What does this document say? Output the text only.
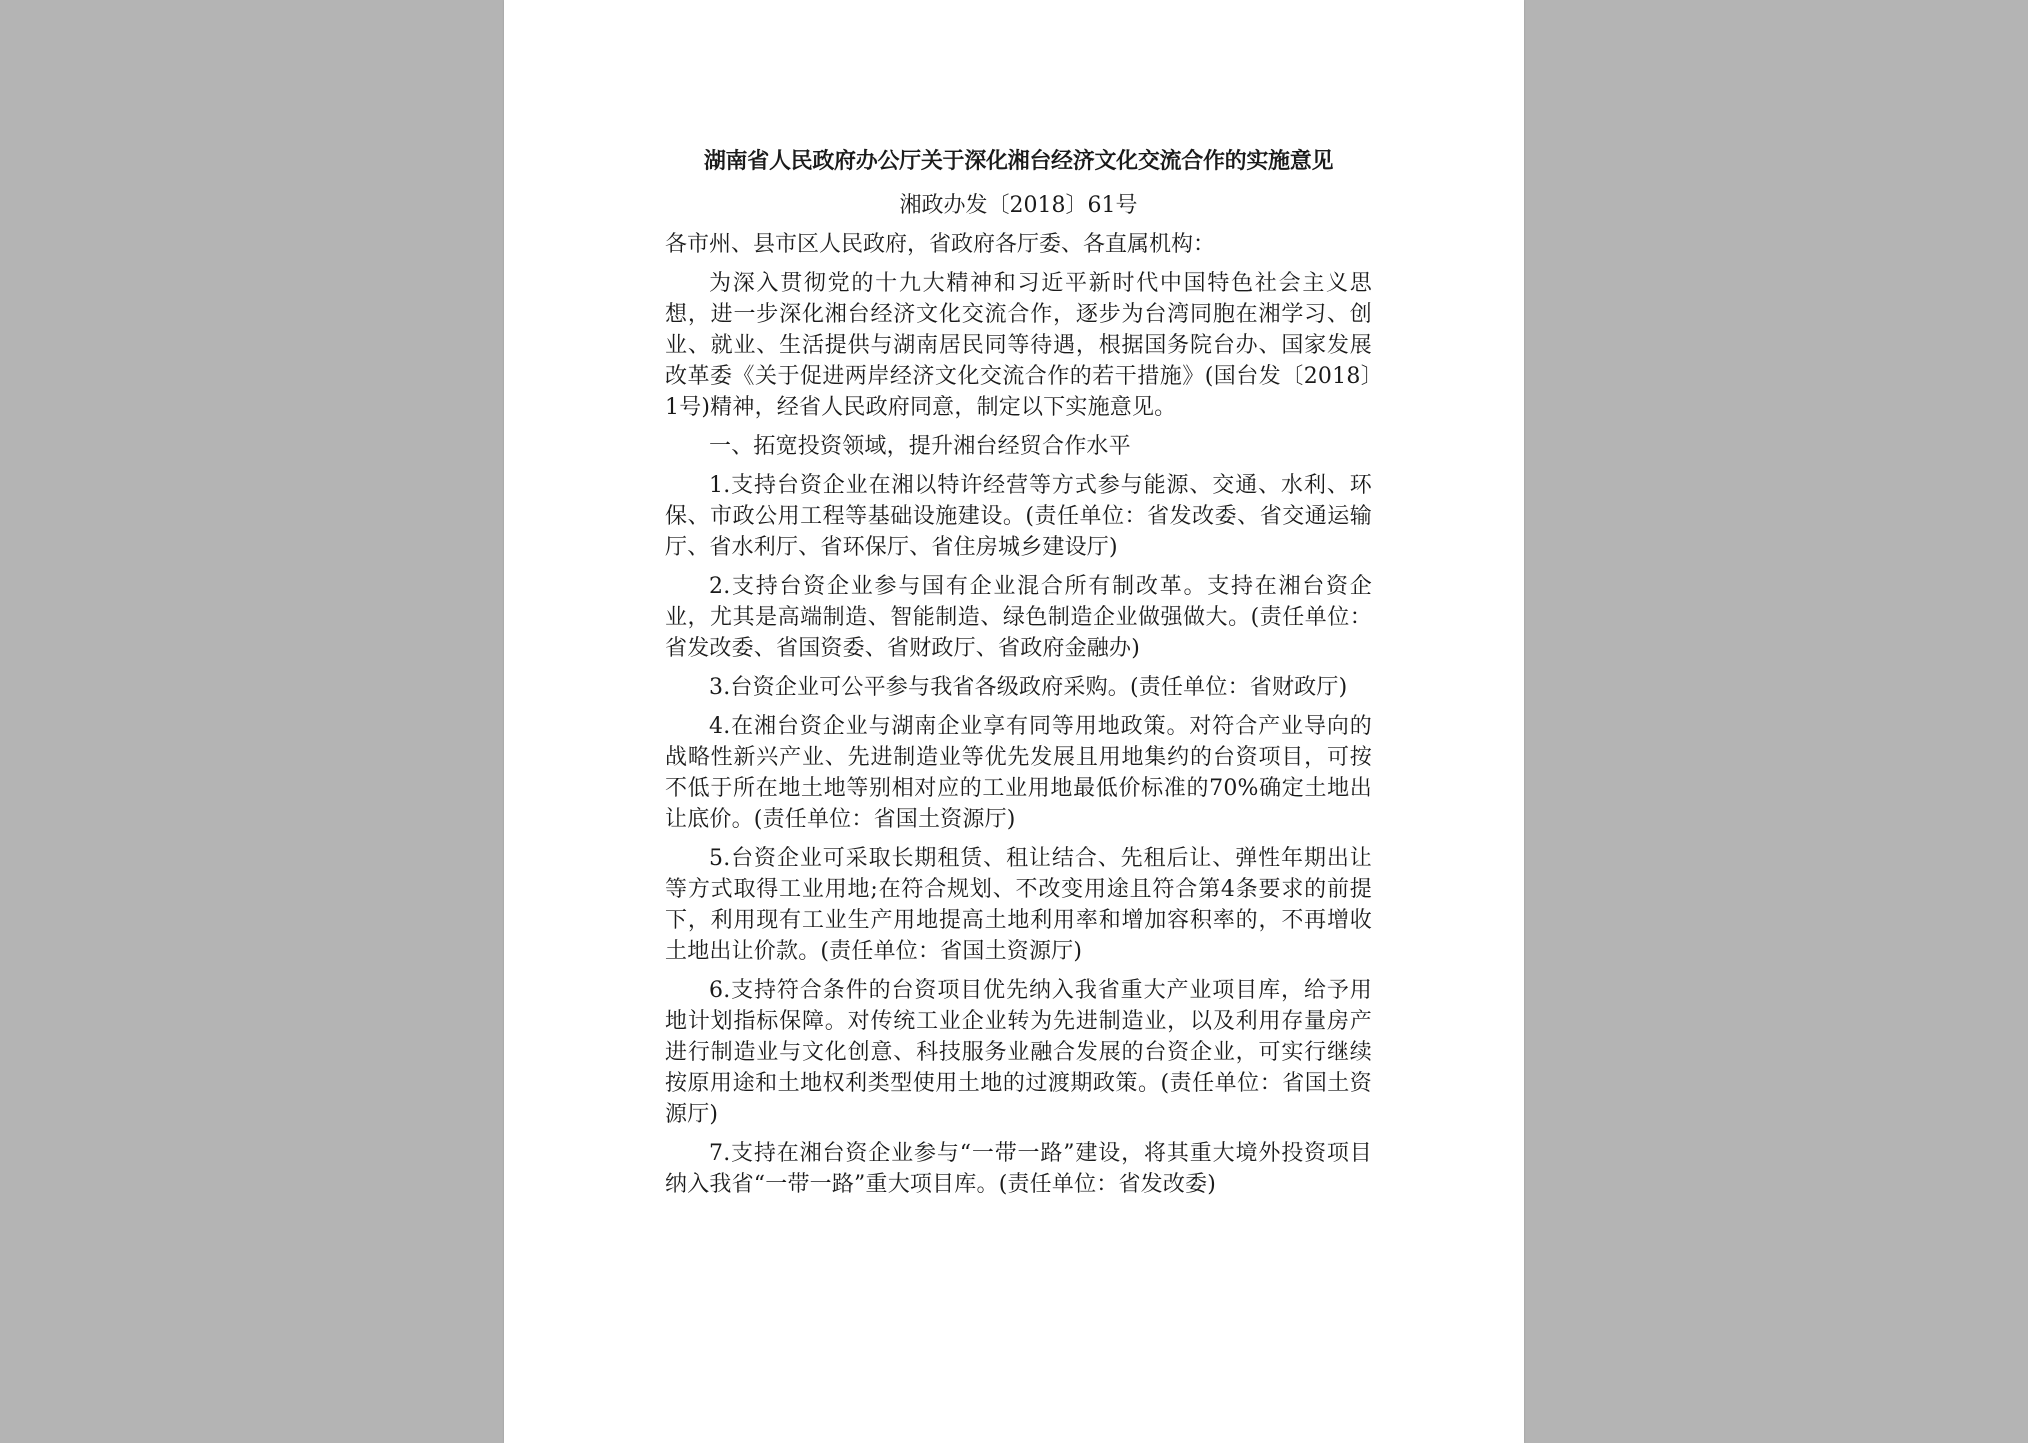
湖南省人民政府办公厅关于深化湘台经济文化交流合作的实施意见
湘政办发〔2018〕61号
各市州、县市区人民政府，省政府各厅委、各直属机构：
为深入贯彻党的十九大精神和习近平新时代中国特色社会主义思想，进一步深化湘台经济文化交流合作，逐步为台湾同胞在湘学习、创业、就业、生活提供与湖南居民同等待遇，根据国务院台办、国家发展改革委《关于促进两岸经济文化交流合作的若干措施》(国台发〔2018〕1号)精神，经省人民政府同意，制定以下实施意见。
一、拓宽投资领域，提升湘台经贸合作水平
1.支持台资企业在湘以特许经营等方式参与能源、交通、水利、环保、市政公用工程等基础设施建设。(责任单位：省发改委、省交通运输厅、省水利厅、省环保厅、省住房城乡建设厅)
2.支持台资企业参与国有企业混合所有制改革。支持在湘台资企业，尤其是高端制造、智能制造、绿色制造企业做强做大。(责任单位：省发改委、省国资委、省财政厅、省政府金融办)
3.台资企业可公平参与我省各级政府采购。(责任单位：省财政厅)
4.在湘台资企业与湖南企业享有同等用地政策。对符合产业导向的战略性新兴产业、先进制造业等优先发展且用地集约的台资项目，可按不低于所在地土地等别相对应的工业用地最低价标准的70%确定土地出让底价。(责任单位：省国土资源厅)
5.台资企业可采取长期租赁、租让结合、先租后让、弹性年期出让等方式取得工业用地;在符合规划、不改变用途且符合第4条要求的前提下，利用现有工业生产用地提高土地利用率和增加容积率的，不再增收土地出让价款。(责任单位：省国土资源厅)
6.支持符合条件的台资项目优先纳入我省重大产业项目库，给予用地计划指标保障。对传统工业企业转为先进制造业，以及利用存量房产进行制造业与文化创意、科技服务业融合发展的台资企业，可实行继续按原用途和土地权利类型使用土地的过渡期政策。(责任单位：省国土资源厅)
7.支持在湘台资企业参与“一带一路”建设，将其重大境外投资项目纳入我省“一带一路”重大项目库。(责任单位：省发改委)
